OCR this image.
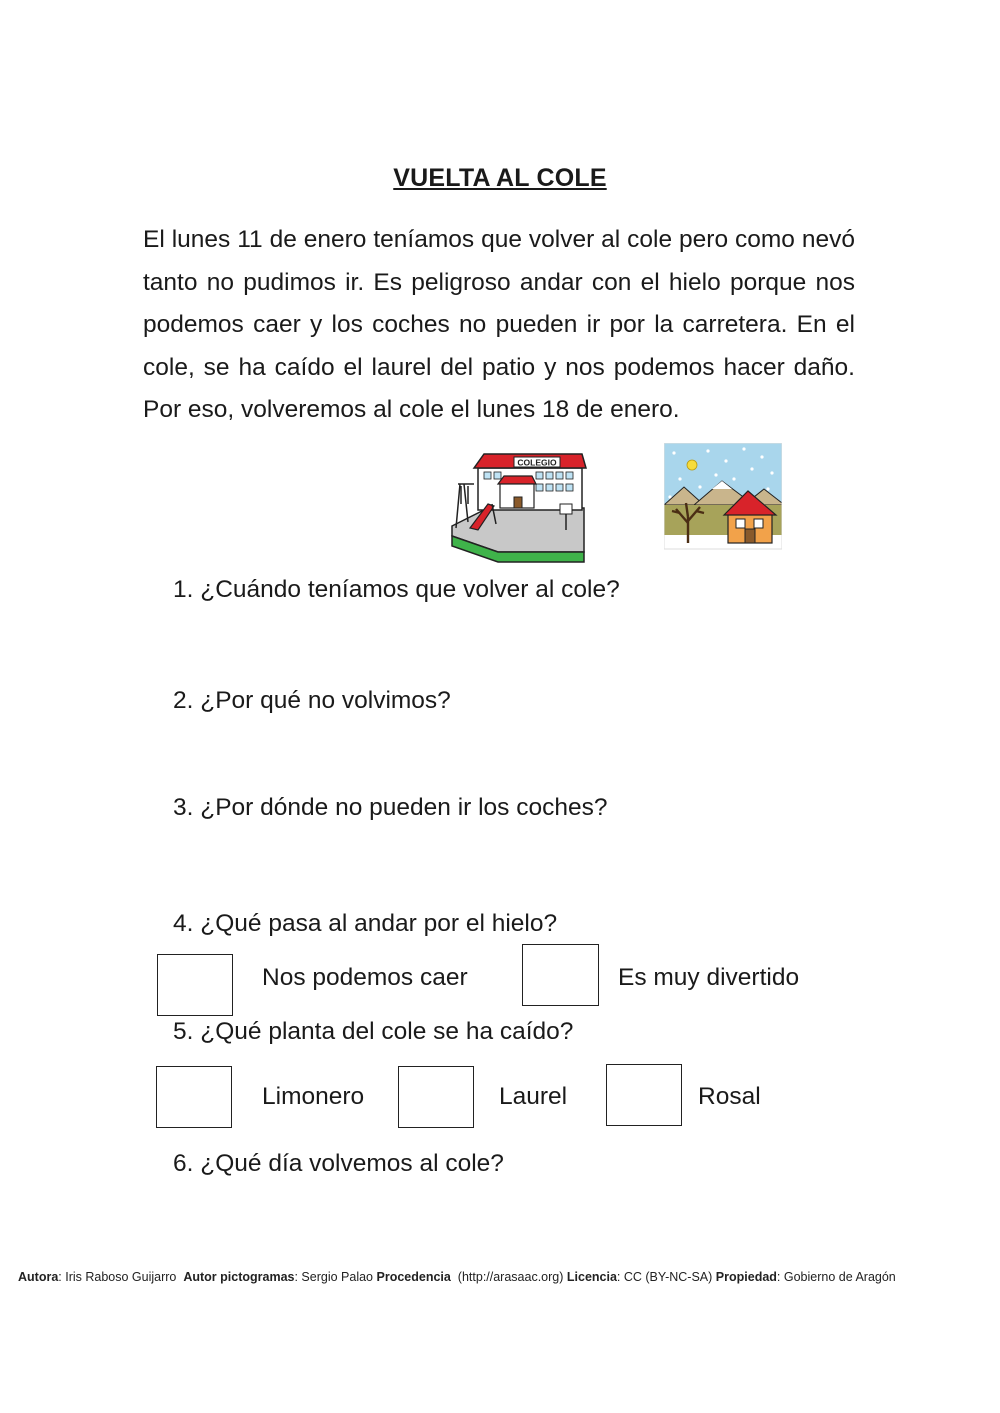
VUELTA AL COLE

El lunes 11 de enero teníamos que volver al cole pero como nevó tanto no pudimos ir. Es peligroso andar con el hielo porque nos podemos caer y los coches no pueden ir por la carretera. En el cole, se ha caído el laurel del patio y nos podemos hacer daño. Por eso, volveremos al cole el lunes 18 de enero.

COLEGIO

1. ¿Cuándo teníamos que volver al cole?

2. ¿Por qué no volvimos?

3. ¿Por dónde no pueden ir los coches?

4. ¿Qué pasa al andar por el hielo?

Nos podemos caer	Es muy divertido

5. ¿Qué planta del cole se ha caído?

Limonero	Laurel	Rosal

6. ¿Qué día volvemos al cole?

Autora: Iris Raboso Guijarro Autor pictogramas: Sergio Palao Procedencia  (http://arasaac.org) Licencia: CC (BY-NC-SA) Propiedad: Gobierno de Aragón
